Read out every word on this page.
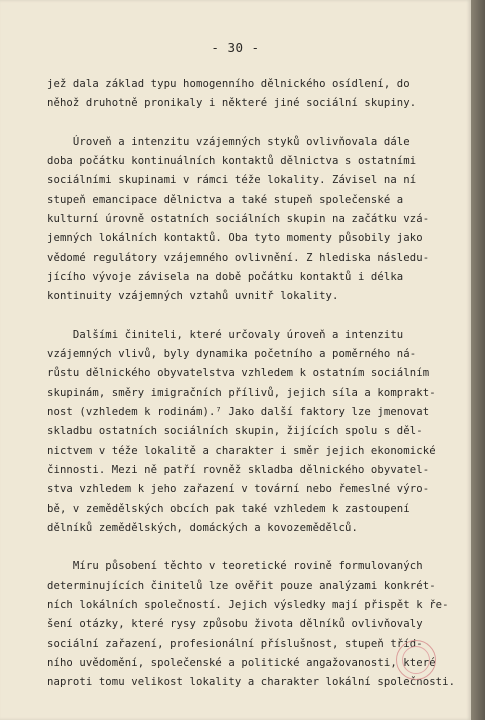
- 30 -

jež dala základ typu homogenního dělnického osídlení, do
něhož druhotně pronikaly i některé jiné sociální skupiny.

Úroveň a intenzitu vzájemných styků ovlivňovala dále
doba počátku kontinuálních kontaktů dělnictva s ostatními
sociálními skupinami v rámci téže lokality. Závisel na ní
stupeň emancipace dělnictva a také stupeň společenské a
kulturní úrovně ostatních sociálních skupin na začátku vzá-
jemných lokálních kontaktů. Oba tyto momenty působily jako
vědomé regulátory vzájemného ovlivnění. Z hlediska následu-
jícího vývoje závisela na době počátku kontaktů i délka
kontinuity vzájemných vztahů uvnitř lokality.

Dalšími činiteli, které určovaly úroveň a intenzitu
vzájemných vlivů, byly dynamika početního a poměrného ná-
růstu dělnického obyvatelstva vzhledem k ostatním sociálním
skupinám, směry imigračních přílivů, jejich síla a komprakt-
nost (vzhledem k rodinám).⁷ Jako další faktory lze jmenovat
skladbu ostatních sociálních skupin, žijících spolu s děl-
nictvem v téže lokalitě a charakter i směr jejich ekonomické
činnosti. Mezi ně patří rovněž skladba dělnického obyvatel-
stva vzhledem k jeho zařazení v tovární nebo řemeslné výro-
bě, v zemědělských obcích pak také vzhledem k zastoupení
dělníků zemědělských, domáckých a kovozemědělců.

Míru působení těchto v teoretické rovině formulovaných
determinujících činitelů lze ověřit pouze analýzami konkrét-
ních lokálních společností. Jejich výsledky mají přispět k ře-
šení otázky, které rysy způsobu života dělníků ovlivňovaly
sociální zařazení, profesionální příslušnost, stupeň tříd-
ního uvědomění, společenské a politické angažovanosti, které
naproti tomu velikost lokality a charakter lokální společnosti.
